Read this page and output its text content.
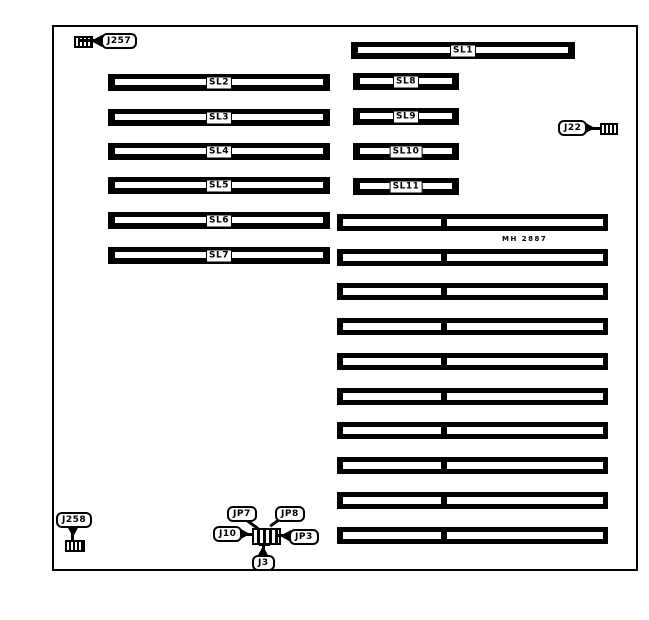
SL1
SL2
SL3
SL4
SL5
SL6
SL7
SL8
SL9
SL10
SL11
MH 2887
J257
J22
J258
JP7	JP8
J10	JP3
J3
